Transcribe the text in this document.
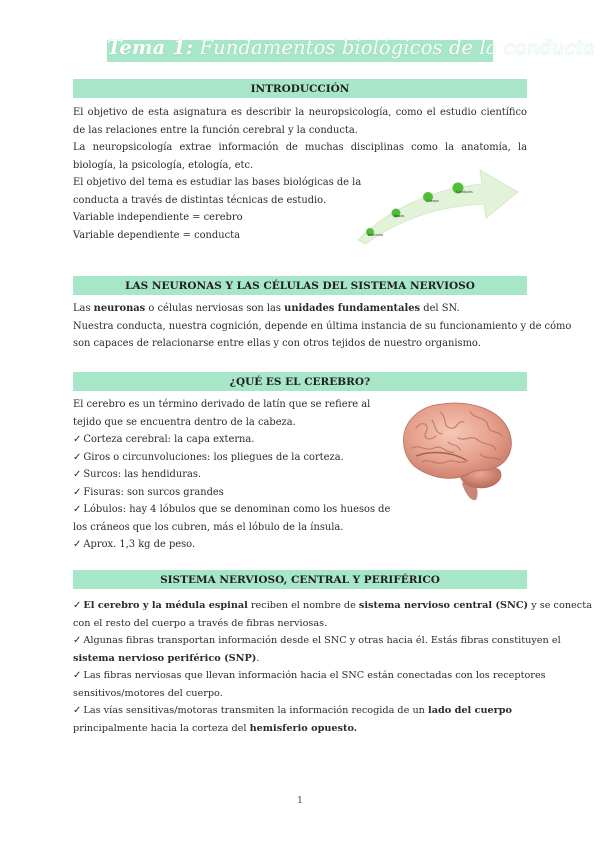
Tema 1: Fundamentos biológicos de la conducta
INTRODUCCIÓN
El objetivo de esta asignatura es describir la neuropsicología, como el estudio científico de las relaciones entre la función cerebral y la conducta.
La neuropsicología extrae información de muchas disciplinas como la anatomía, la biología, la psicología, etología, etc.
El objetivo del tema es estudiar las bases biológicas de la
conducta a través de distintas técnicas de estudio.
Variable independiente = cerebro
Variable dependiente = conducta	Estímulo
Bases
Cuerpo
Conducta
LAS NEURONAS Y LAS CÉLULAS DEL SISTEMA NERVIOSO
Las neuronas o células nerviosas son las unidades fundamentales del SN.
Nuestra conducta, nuestra cognición, depende en última instancia de su funcionamiento y de cómo
son capaces de relacionarse entre ellas y con otros tejidos de nuestro organismo.
¿QUÉ ES EL CEREBRO?
El cerebro es un término derivado de latín que se refiere al
tejido que se encuentra dentro de la cabeza.
✓ Corteza cerebral: la capa externa.
✓ Giros o circunvoluciones: los pliegues de la corteza.
✓ Surcos: las hendiduras.
✓ Fisuras: son surcos grandes
✓ Lóbulos: hay 4 lóbulos que se denominan como los huesos de
los cráneos que los cubren, más el lóbulo de la ínsula.
✓ Aprox. 1,3 kg de peso.
SISTEMA NERVIOSO, CENTRAL Y PERIFÉRICO
✓ El cerebro y la médula espinal reciben el nombre de sistema nervioso central (SNC) y se conecta
con el resto del cuerpo a través de fibras nerviosas.
✓ Algunas fibras transportan información desde el SNC y otras hacia él. Estás fibras constituyen el
sistema nervioso periférico (SNP).
✓ Las fibras nerviosas que llevan información hacia el SNC están conectadas con los receptores
sensitivos/motores del cuerpo.
✓ Las vías sensitivas/motoras transmiten la información recogida de un lado del cuerpo
principalmente hacia la corteza del hemisferio opuesto.
1
